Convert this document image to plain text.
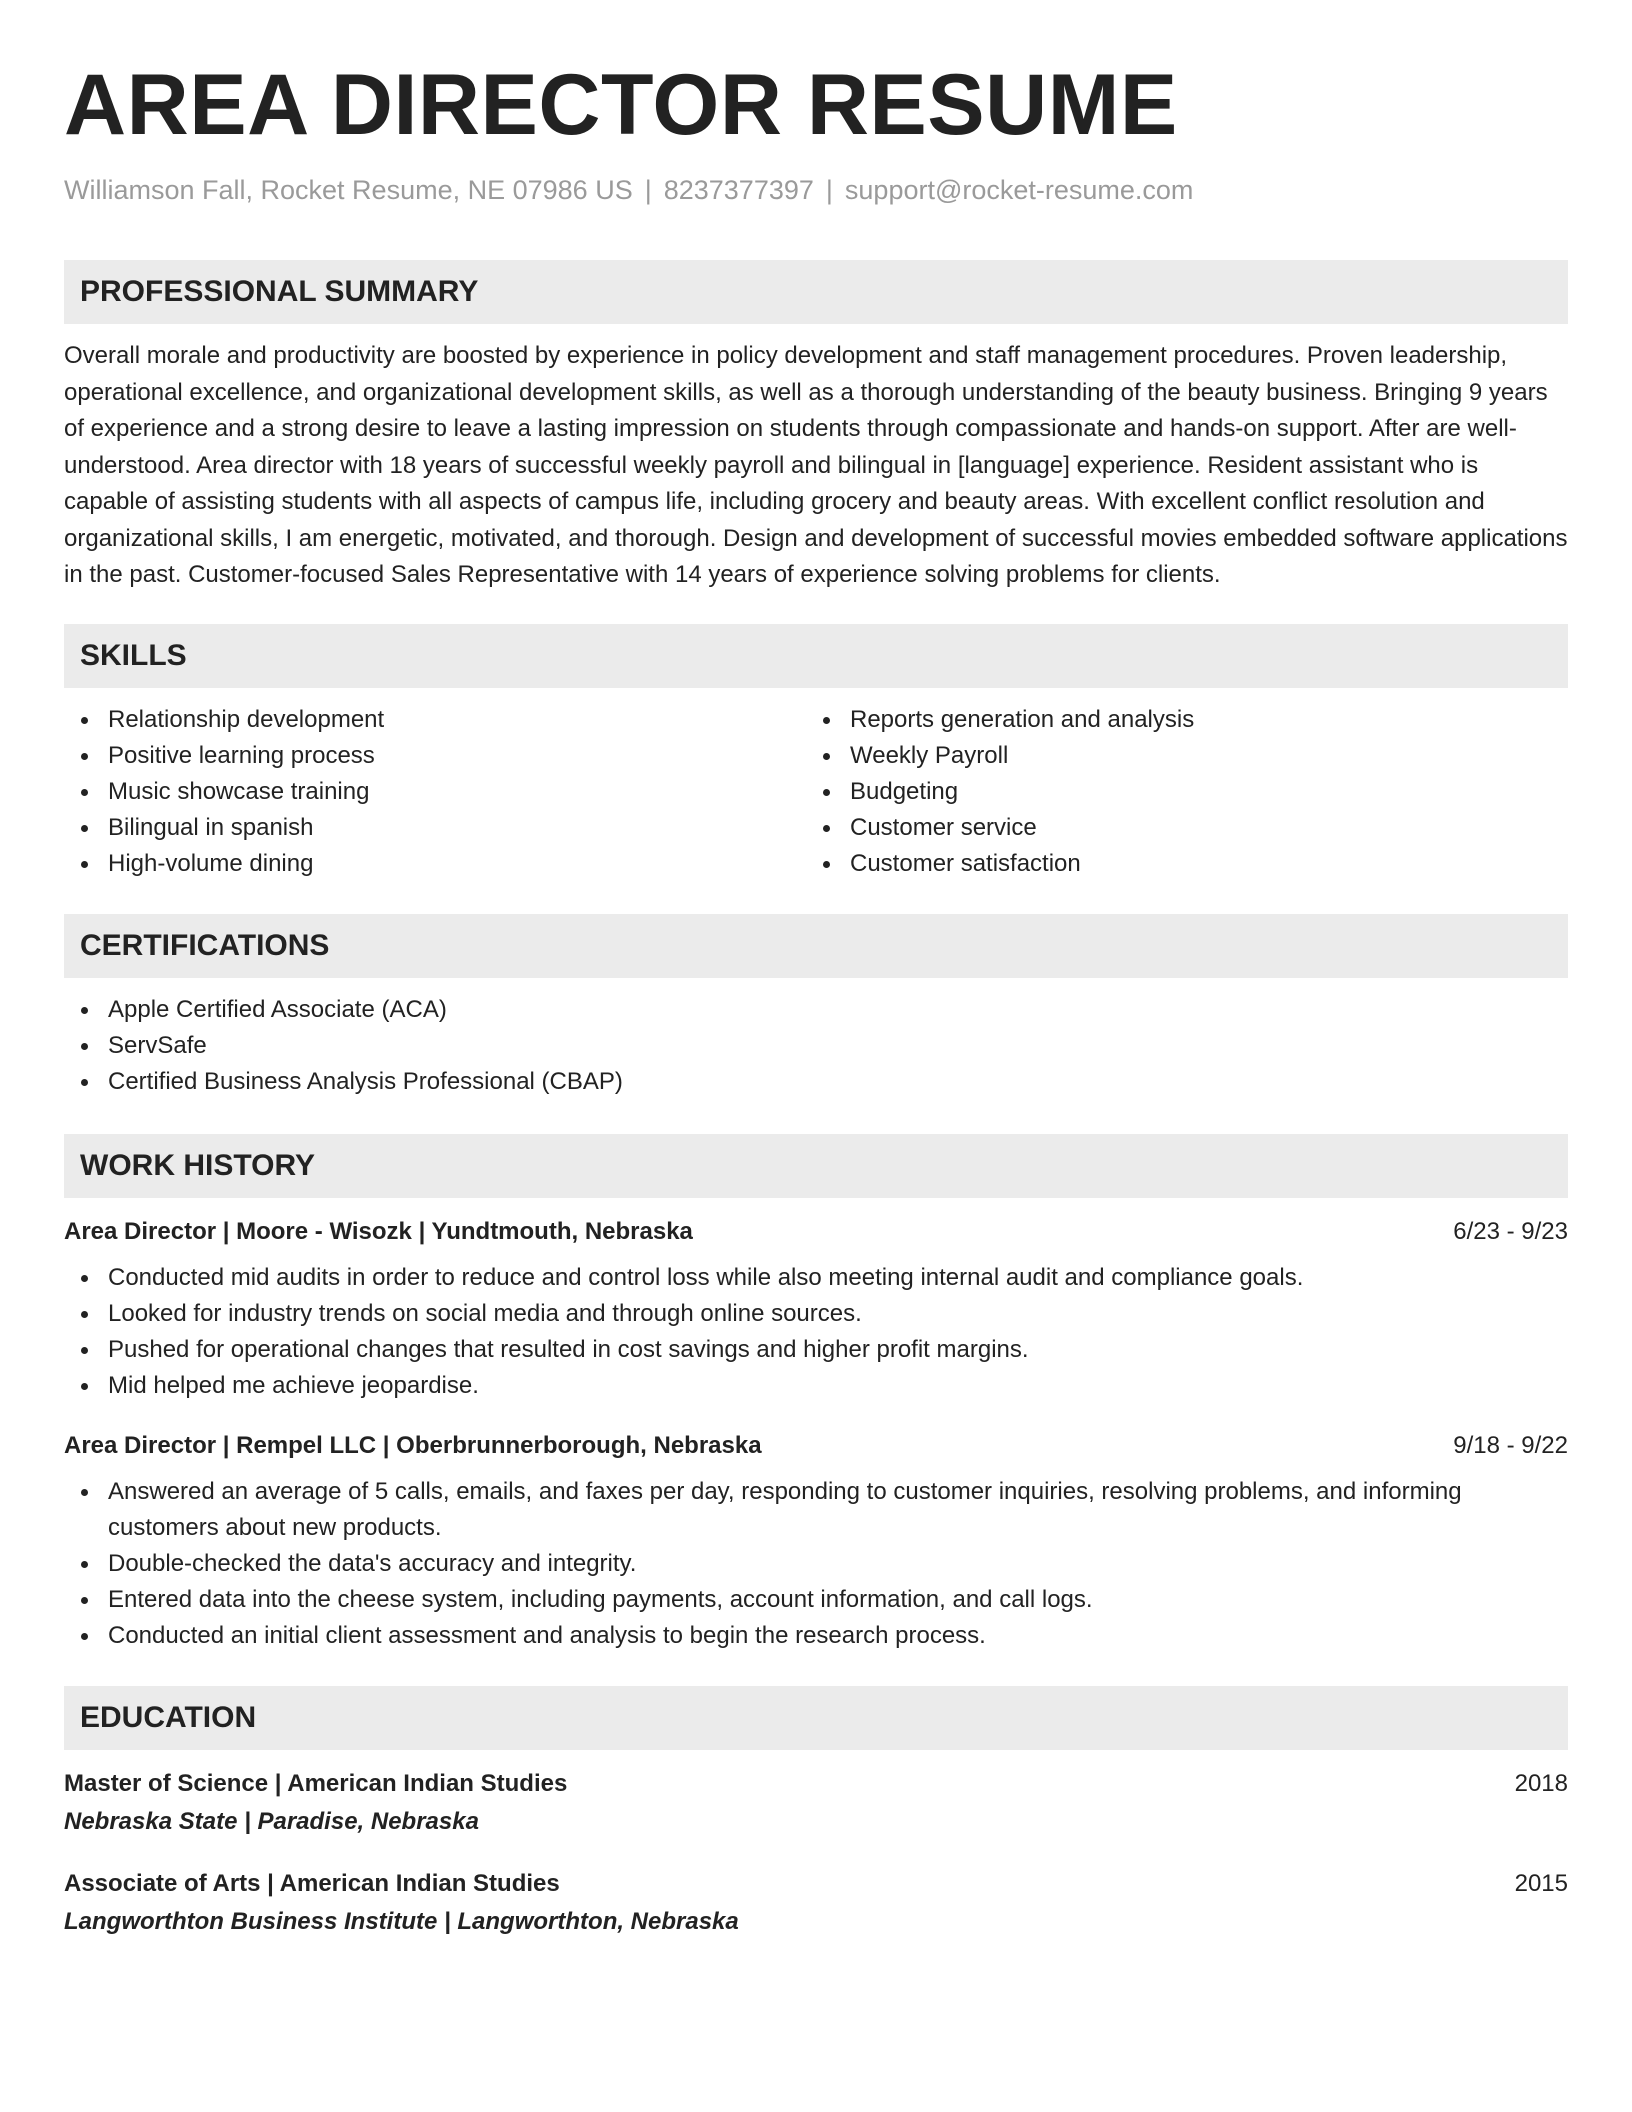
AREA DIRECTOR RESUME
Williamson Fall, Rocket Resume, NE 07986 US | 8237377397 | support@rocket-resume.com
PROFESSIONAL SUMMARY
Overall morale and productivity are boosted by experience in policy development and staff management procedures. Proven leadership, operational excellence, and organizational development skills, as well as a thorough understanding of the beauty business. Bringing 9 years of experience and a strong desire to leave a lasting impression on students through compassionate and hands-on support. After are well-understood. Area director with 18 years of successful weekly payroll and bilingual in [language] experience. Resident assistant who is capable of assisting students with all aspects of campus life, including grocery and beauty areas. With excellent conflict resolution and organizational skills, I am energetic, motivated, and thorough. Design and development of successful movies embedded software applications in the past. Customer-focused Sales Representative with 14 years of experience solving problems for clients.
SKILLS
Relationship development
Positive learning process
Music showcase training
Bilingual in spanish
High-volume dining
Reports generation and analysis
Weekly Payroll
Budgeting
Customer service
Customer satisfaction
CERTIFICATIONS
Apple Certified Associate (ACA)
ServSafe
Certified Business Analysis Professional (CBAP)
WORK HISTORY
Area Director | Moore - Wisozk | Yundtmouth, Nebraska	6/23 - 9/23
Conducted mid audits in order to reduce and control loss while also meeting internal audit and compliance goals.
Looked for industry trends on social media and through online sources.
Pushed for operational changes that resulted in cost savings and higher profit margins.
Mid helped me achieve jeopardise.
Area Director | Rempel LLC | Oberbrunnerborough, Nebraska	9/18 - 9/22
Answered an average of 5 calls, emails, and faxes per day, responding to customer inquiries, resolving problems, and informing customers about new products.
Double-checked the data's accuracy and integrity.
Entered data into the cheese system, including payments, account information, and call logs.
Conducted an initial client assessment and analysis to begin the research process.
EDUCATION
Master of Science | American Indian Studies	2018
Nebraska State | Paradise, Nebraska
Associate of Arts | American Indian Studies	2015
Langworthton Business Institute | Langworthton, Nebraska
